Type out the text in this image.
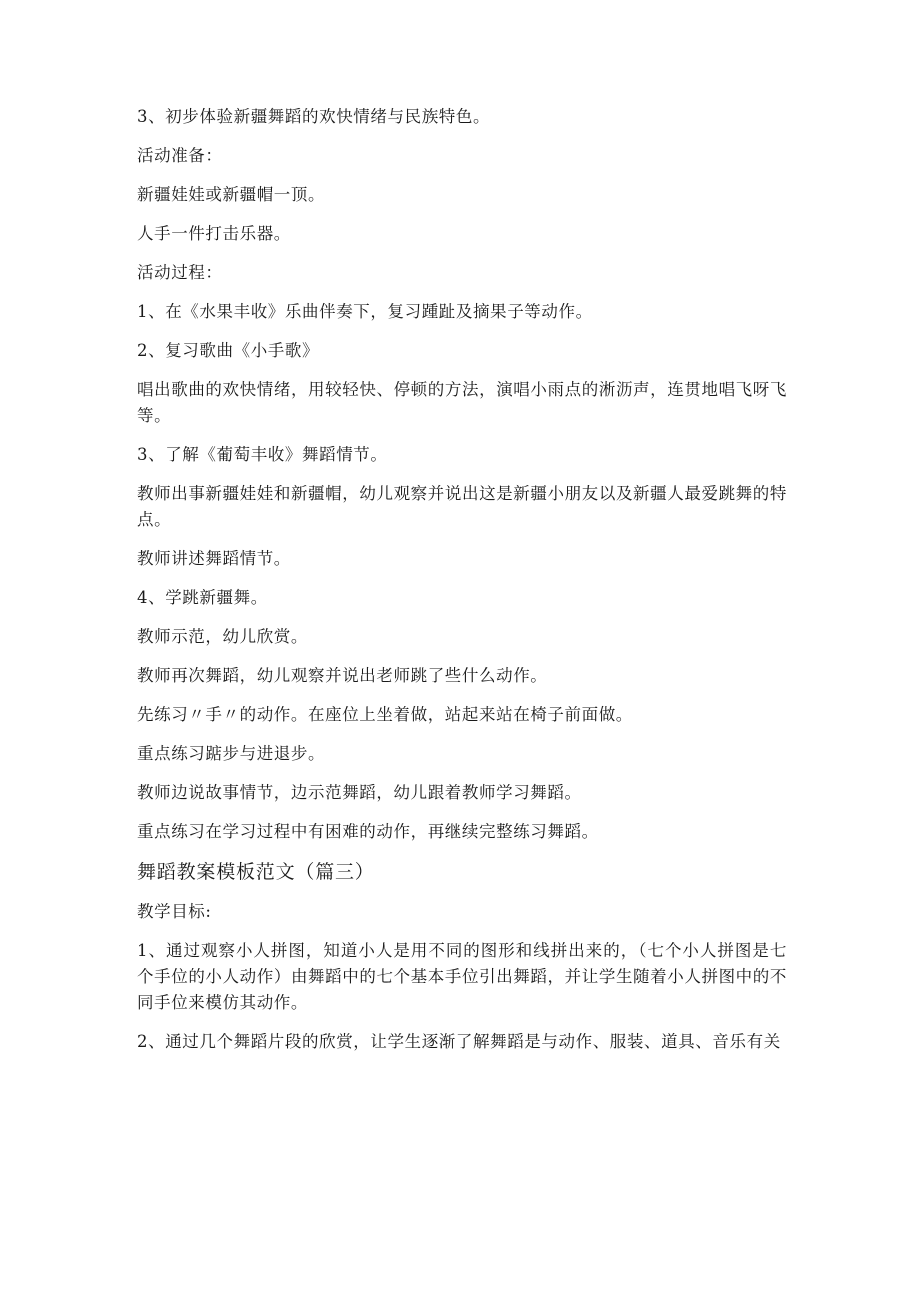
3、初步体验新疆舞蹈的欢快情绪与民族特色。

活动准备：

新疆娃娃或新疆帽一顶。

人手一件打击乐器。

活动过程：

1、在《水果丰收》乐曲伴奏下，复习踵趾及摘果子等动作。

2、复习歌曲《小手歌》

唱出歌曲的欢快情绪，用较轻快、停顿的方法，演唱小雨点的淅沥声，连贯地唱飞呀飞等。

3、了解《葡萄丰收》舞蹈情节。

教师出事新疆娃娃和新疆帽，幼儿观察并说出这是新疆小朋友以及新疆人最爱跳舞的特点。

教师讲述舞蹈情节。

4、学跳新疆舞。

教师示范，幼儿欣赏。

教师再次舞蹈，幼儿观察并说出老师跳了些什么动作。

先练习〃手〃的动作。在座位上坐着做，站起来站在椅子前面做。

重点练习踮步与进退步。

教师边说故事情节，边示范舞蹈，幼儿跟着教师学习舞蹈。

重点练习在学习过程中有困难的动作，再继续完整练习舞蹈。

舞蹈教案模板范文（篇三）

教学目标:

1、通过观察小人拼图，知道小人是用不同的图形和线拼出来的，（七个小人拼图是七个手位的小人动作）由舞蹈中的七个基本手位引出舞蹈，并让学生随着小人拼图中的不同手位来模仿其动作。

2、通过几个舞蹈片段的欣赏，让学生逐渐了解舞蹈是与动作、服装、道具、音乐有关
